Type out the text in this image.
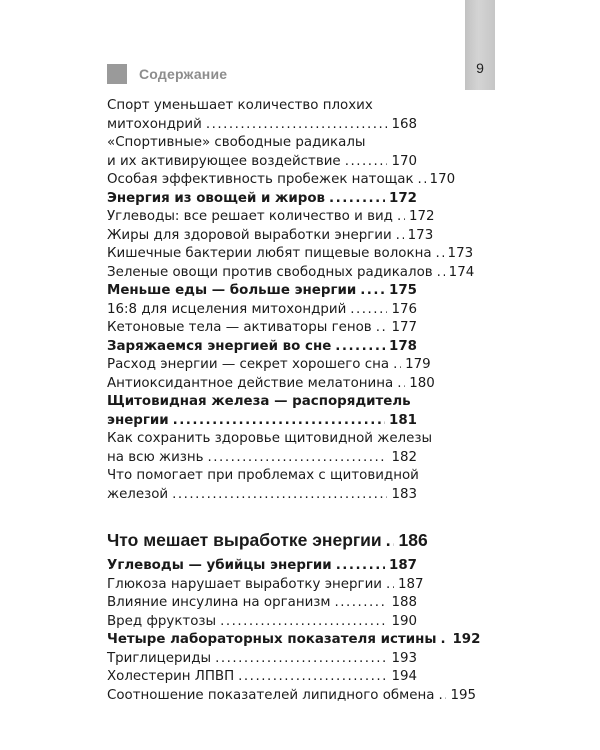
9
Содержание
Спорт уменьшает количество плохих
митохондрий .....	168
«Спортивные» свободные радикалы
и их активирующее воздействие .....	170
Особая эффективность пробежек натощак ..... 170
Энергия из овощей и жиров .....	172
Углеводы: все решает количество и вид ..... 172
Жиры для здоровой выработки энергии ..... 173
Кишечные бактерии любят пищевые волокна ..... 173
Зеленые овощи против свободных радикалов ..... 174
Меньше еды — больше энергии ..... 175
16:8 для исцеления митохондрий .....	176
Кетоновые тела — активаторы генов ..... 177
Заряжаемся энергией во сне .....	178
Расход энергии — секрет хорошего сна ..... 179
Антиоксидантное действие мелатонина ..... 180
Щитовидная железа — распорядитель
энергии .....	181
Как сохранить здоровье щитовидной железы
на всю жизнь .....	182
Что помогает при проблемах с щитовидной
железой .....	183
Что мешает выработке энергии ..... 186
Углеводы — убийцы энергии .....	187
Глюкоза нарушает выработку энергии ..... 187
Влияние инсулина на организм .....	188
Вред фруктозы .....	190
Четыре лабораторных показателя истины ..... 192
Триглицериды .....	193
Холестерин ЛПВП .....	194
Соотношение показателей липидного обмена ..... 195
